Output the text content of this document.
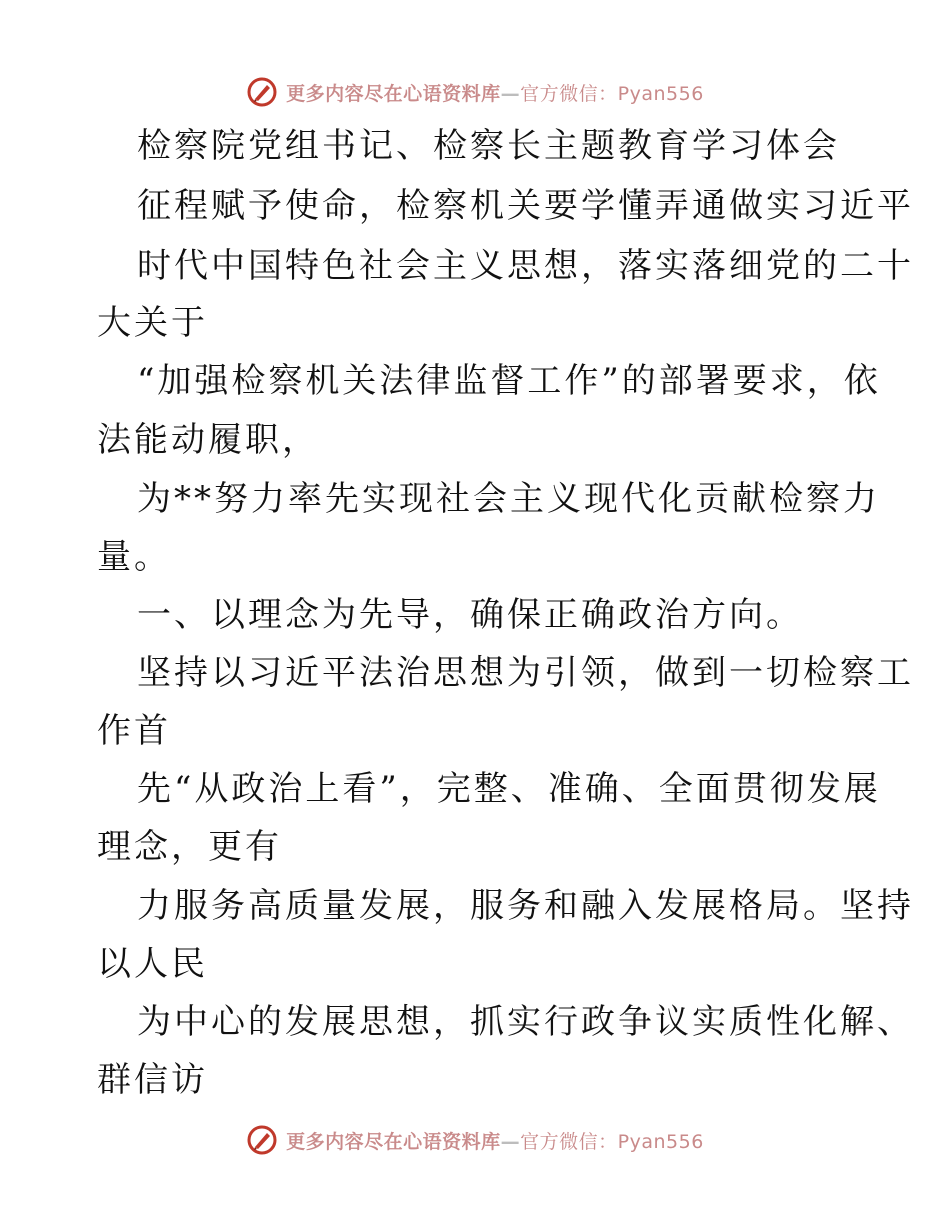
更多内容尽在心语资料库—官方微信：Pyan556
检察院党组书记、检察长主题教育学习体会
征程赋予使命，检察机关要学懂弄通做实习近平
时代中国特色社会主义思想，落实落细党的二十
大关于
“加强检察机关法律监督工作”的部署要求，依
法能动履职，
为**努力率先实现社会主义现代化贡献检察力
量。
一、以理念为先导，确保正确政治方向。
坚持以习近平法治思想为引领，做到一切检察工
作首
先“从政治上看”，完整、准确、全面贯彻发展
理念，更有
力服务高质量发展，服务和融入发展格局。坚持
以人民
为中心的发展思想，抓实行政争议实质性化解、
群信访
更多内容尽在心语资料库—官方微信：Pyan556
